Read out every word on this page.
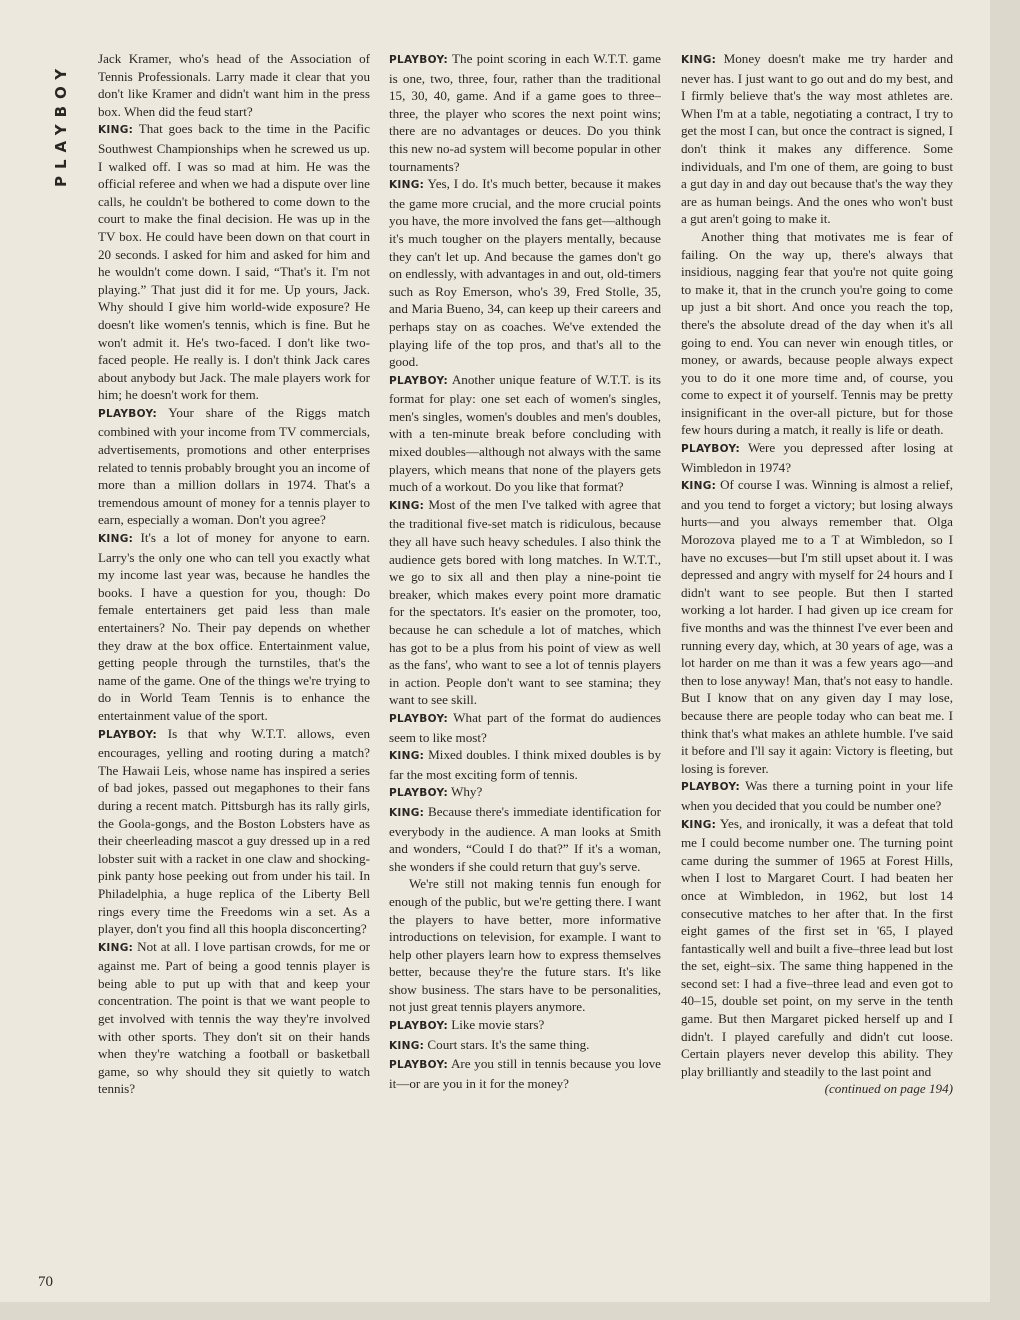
PLAYBOY

Jack Kramer, who's head of the Association of Tennis Professionals. Larry made it clear that you don't like Kramer and didn't want him in the press box. When did the feud start?

KING: That goes back to the time in the Pacific Southwest Championships when he screwed us up. I walked off. I was so mad at him. He was the official referee and when we had a dispute over line calls, he couldn't be bothered to come down to the court to make the final decision. He was up in the TV box. He could have been down on that court in 20 seconds. I asked for him and asked for him and he wouldn't come down. I said, “That's it. I'm not playing.” That just did it for me. Up yours, Jack. Why should I give him world-wide exposure? He doesn't like women's tennis, which is fine. But he won't admit it. He's two-faced. I don't like two-faced people. He really is. I don't think Jack cares about anybody but Jack. The male players work for him; he doesn't work for them.

PLAYBOY: Your share of the Riggs match combined with your income from TV commercials, advertisements, promotions and other enterprises related to tennis probably brought you an income of more than a million dollars in 1974. That's a tremendous amount of money for a tennis player to earn, especially a woman. Don't you agree?

KING: It's a lot of money for anyone to earn. Larry's the only one who can tell you exactly what my income last year was, because he handles the books. I have a question for you, though: Do female entertainers get paid less than male entertainers? No. Their pay depends on whether they draw at the box office. Entertainment value, getting people through the turnstiles, that's the name of the game. One of the things we're trying to do in World Team Tennis is to enhance the entertainment value of the sport.

PLAYBOY: Is that why W.T.T. allows, even encourages, yelling and rooting during a match? The Hawaii Leis, whose name has inspired a series of bad jokes, passed out megaphones to their fans during a recent match. Pittsburgh has its rally girls, the Goola-gongs, and the Boston Lobsters have as their cheerleading mascot a guy dressed up in a red lobster suit with a racket in one claw and shocking-pink panty hose peeking out from under his tail. In Philadelphia, a huge replica of the Liberty Bell rings every time the Freedoms win a set. As a player, don't you find all this hoopla disconcerting?

KING: Not at all. I love partisan crowds, for me or against me. Part of being a good tennis player is being able to put up with that and keep your concentration. The point is that we want people to get involved with tennis the way they're involved with other sports. They don't sit on their hands when they're watching a football or basketball game, so why should they sit quietly to watch tennis?

PLAYBOY: The point scoring in each W.T.T. game is one, two, three, four, rather than the traditional 15, 30, 40, game. And if a game goes to three–three, the player who scores the next point wins; there are no advantages or deuces. Do you think this new no-ad system will become popular in other tournaments?

KING: Yes, I do. It's much better, because it makes the game more crucial, and the more crucial points you have, the more involved the fans get—although it's much tougher on the players mentally, because they can't let up. And because the games don't go on endlessly, with advantages in and out, old-timers such as Roy Emerson, who's 39, Fred Stolle, 35, and Maria Bueno, 34, can keep up their careers and perhaps stay on as coaches. We've extended the playing life of the top pros, and that's all to the good.

PLAYBOY: Another unique feature of W.T.T. is its format for play: one set each of women's singles, men's singles, women's doubles and men's doubles, with a ten-minute break before concluding with mixed doubles—although not always with the same players, which means that none of the players gets much of a workout. Do you like that format?

KING: Most of the men I've talked with agree that the traditional five-set match is ridiculous, because they all have such heavy schedules. I also think the audience gets bored with long matches. In W.T.T., we go to six all and then play a nine-point tie breaker, which makes every point more dramatic for the spectators. It's easier on the promoter, too, because he can schedule a lot of matches, which has got to be a plus from his point of view as well as the fans', who want to see a lot of tennis players in action. People don't want to see stamina; they want to see skill.

PLAYBOY: What part of the format do audiences seem to like most?

KING: Mixed doubles. I think mixed doubles is by far the most exciting form of tennis.

PLAYBOY: Why?

KING: Because there's immediate identification for everybody in the audience. A man looks at Smith and wonders, “Could I do that?” If it's a woman, she wonders if she could return that guy's serve.

We're still not making tennis fun enough for enough of the public, but we're getting there. I want the players to have better, more informative introductions on television, for example. I want to help other players learn how to express themselves better, because they're the future stars. It's like show business. The stars have to be personalities, not just great tennis players anymore.

PLAYBOY: Like movie stars?

KING: Court stars. It's the same thing.

PLAYBOY: Are you still in tennis because you love it—or are you in it for the money?

KING: Money doesn't make me try harder and never has. I just want to go out and do my best, and I firmly believe that's the way most athletes are. When I'm at a table, negotiating a contract, I try to get the most I can, but once the contract is signed, I don't think it makes any difference. Some individuals, and I'm one of them, are going to bust a gut day in and day out because that's the way they are as human beings. And the ones who won't bust a gut aren't going to make it.

Another thing that motivates me is fear of failing. On the way up, there's always that insidious, nagging fear that you're not quite going to make it, that in the crunch you're going to come up just a bit short. And once you reach the top, there's the absolute dread of the day when it's all going to end. You can never win enough titles, or money, or awards, because people always expect you to do it one more time and, of course, you come to expect it of yourself. Tennis may be pretty insignificant in the over-all picture, but for those few hours during a match, it really is life or death.

PLAYBOY: Were you depressed after losing at Wimbledon in 1974?

KING: Of course I was. Winning is almost a relief, and you tend to forget a victory; but losing always hurts—and you always remember that. Olga Morozova played me to a T at Wimbledon, so I have no excuses—but I'm still upset about it. I was depressed and angry with myself for 24 hours and I didn't want to see people. But then I started working a lot harder. I had given up ice cream for five months and was the thinnest I've ever been and running every day, which, at 30 years of age, was a lot harder on me than it was a few years ago—and then to lose anyway! Man, that's not easy to handle. But I know that on any given day I may lose, because there are people today who can beat me. I think that's what makes an athlete humble. I've said it before and I'll say it again: Victory is fleeting, but losing is forever.

PLAYBOY: Was there a turning point in your life when you decided that you could be number one?

KING: Yes, and ironically, it was a defeat that told me I could become number one. The turning point came during the summer of 1965 at Forest Hills, when I lost to Margaret Court. I had beaten her once at Wimbledon, in 1962, but lost 14 consecutive matches to her after that. In the first eight games of the first set in '65, I played fantastically well and built a five–three lead but lost the set, eight–six. The same thing happened in the second set: I had a five–three lead and even got to 40–15, double set point, on my serve in the tenth game. But then Margaret picked herself up and I didn't. I played carefully and didn't cut loose. Certain players never develop this ability. They play brilliantly and steadily to the last point and

(continued on page 194)

70
